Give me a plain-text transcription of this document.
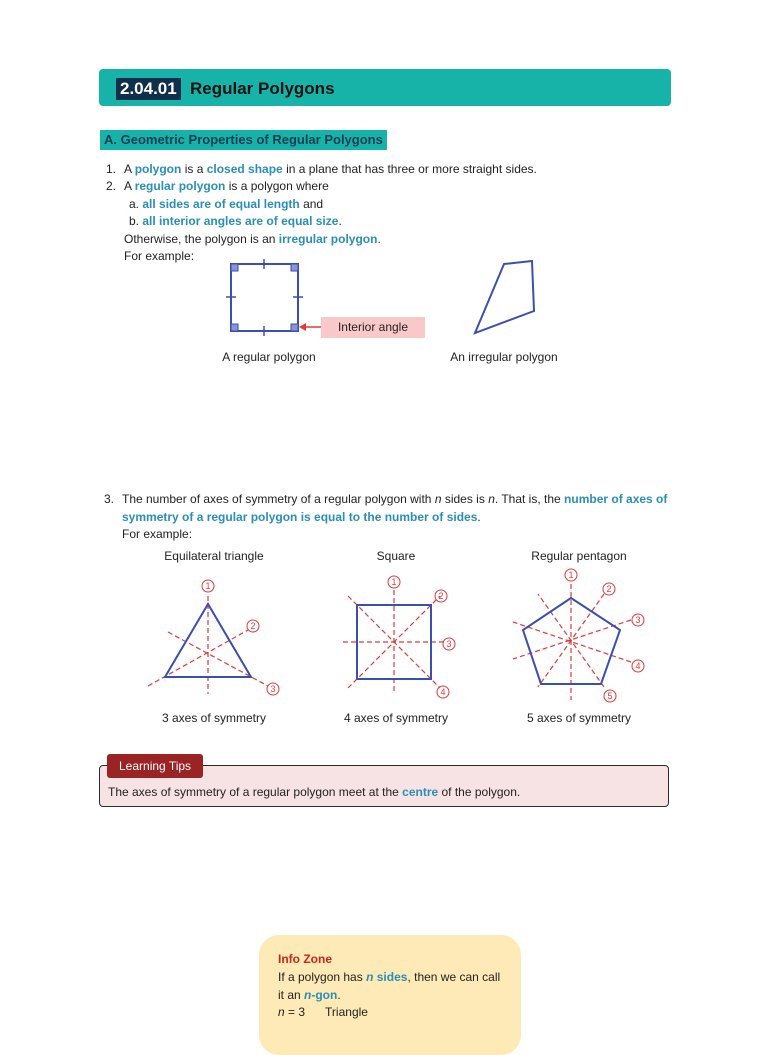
2.04.01 Regular Polygons
A. Geometric Properties of Regular Polygons
1. A polygon is a closed shape in a plane that has three or more straight sides.
2. A regular polygon is a polygon where
a. all sides are of equal length and
b. all interior angles are of equal size.
Otherwise, the polygon is an irregular polygon.
For example:
Interior angle
A regular polygon	An irregular polygon
3. The number of axes of symmetry of a regular polygon with n sides is n. That is, the number of axes of
symmetry of a regular polygon is equal to the number of sides.
For example:
Equilateral triangle	Square	Regular pentagon
1
2
3
1
2
3
4
1
2
3
4
5
3 axes of symmetry	4 axes of symmetry	5 axes of symmetry
Learning Tips
The axes of symmetry of a regular polygon meet at the centre of the polygon.
Info Zone
If a polygon has n sides, then we can call
it an n-gon.
n = 3 Triangle
